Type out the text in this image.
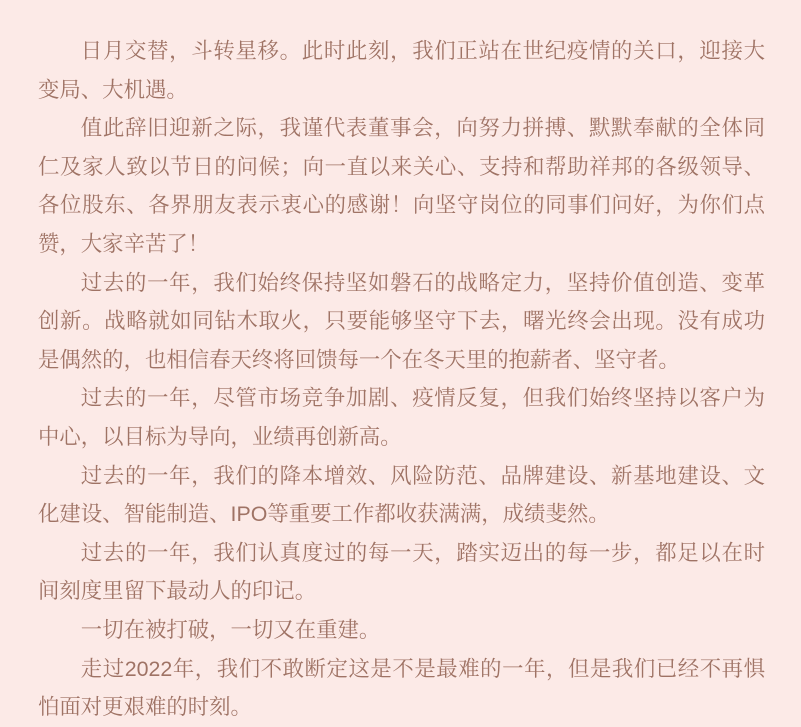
日月交替，斗转星移。此时此刻，我们正站在世纪疫情的关口，迎接大变局、大机遇。

值此辞旧迎新之际，我谨代表董事会，向努力拼搏、默默奉献的全体同仁及家人致以节日的问候；向一直以来关心、支持和帮助祥邦的各级领导、各位股东、各界朋友表示衷心的感谢！向坚守岗位的同事们问好，为你们点赞，大家辛苦了！

过去的一年，我们始终保持坚如磐石的战略定力，坚持价值创造、变革创新。战略就如同钻木取火，只要能够坚守下去，曙光终会出现。没有成功是偶然的，也相信春天终将回馈每一个在冬天里的抱薪者、坚守者。

过去的一年，尽管市场竞争加剧、疫情反复，但我们始终坚持以客户为中心，以目标为导向，业绩再创新高。

过去的一年，我们的降本增效、风险防范、品牌建设、新基地建设、文化建设、智能制造、IPO等重要工作都收获满满，成绩斐然。

过去的一年，我们认真度过的每一天，踏实迈出的每一步，都足以在时间刻度里留下最动人的印记。

一切在被打破，一切又在重建。

走过2022年，我们不敢断定这是不是最难的一年，但是我们已经不再惧怕面对更艰难的时刻。
